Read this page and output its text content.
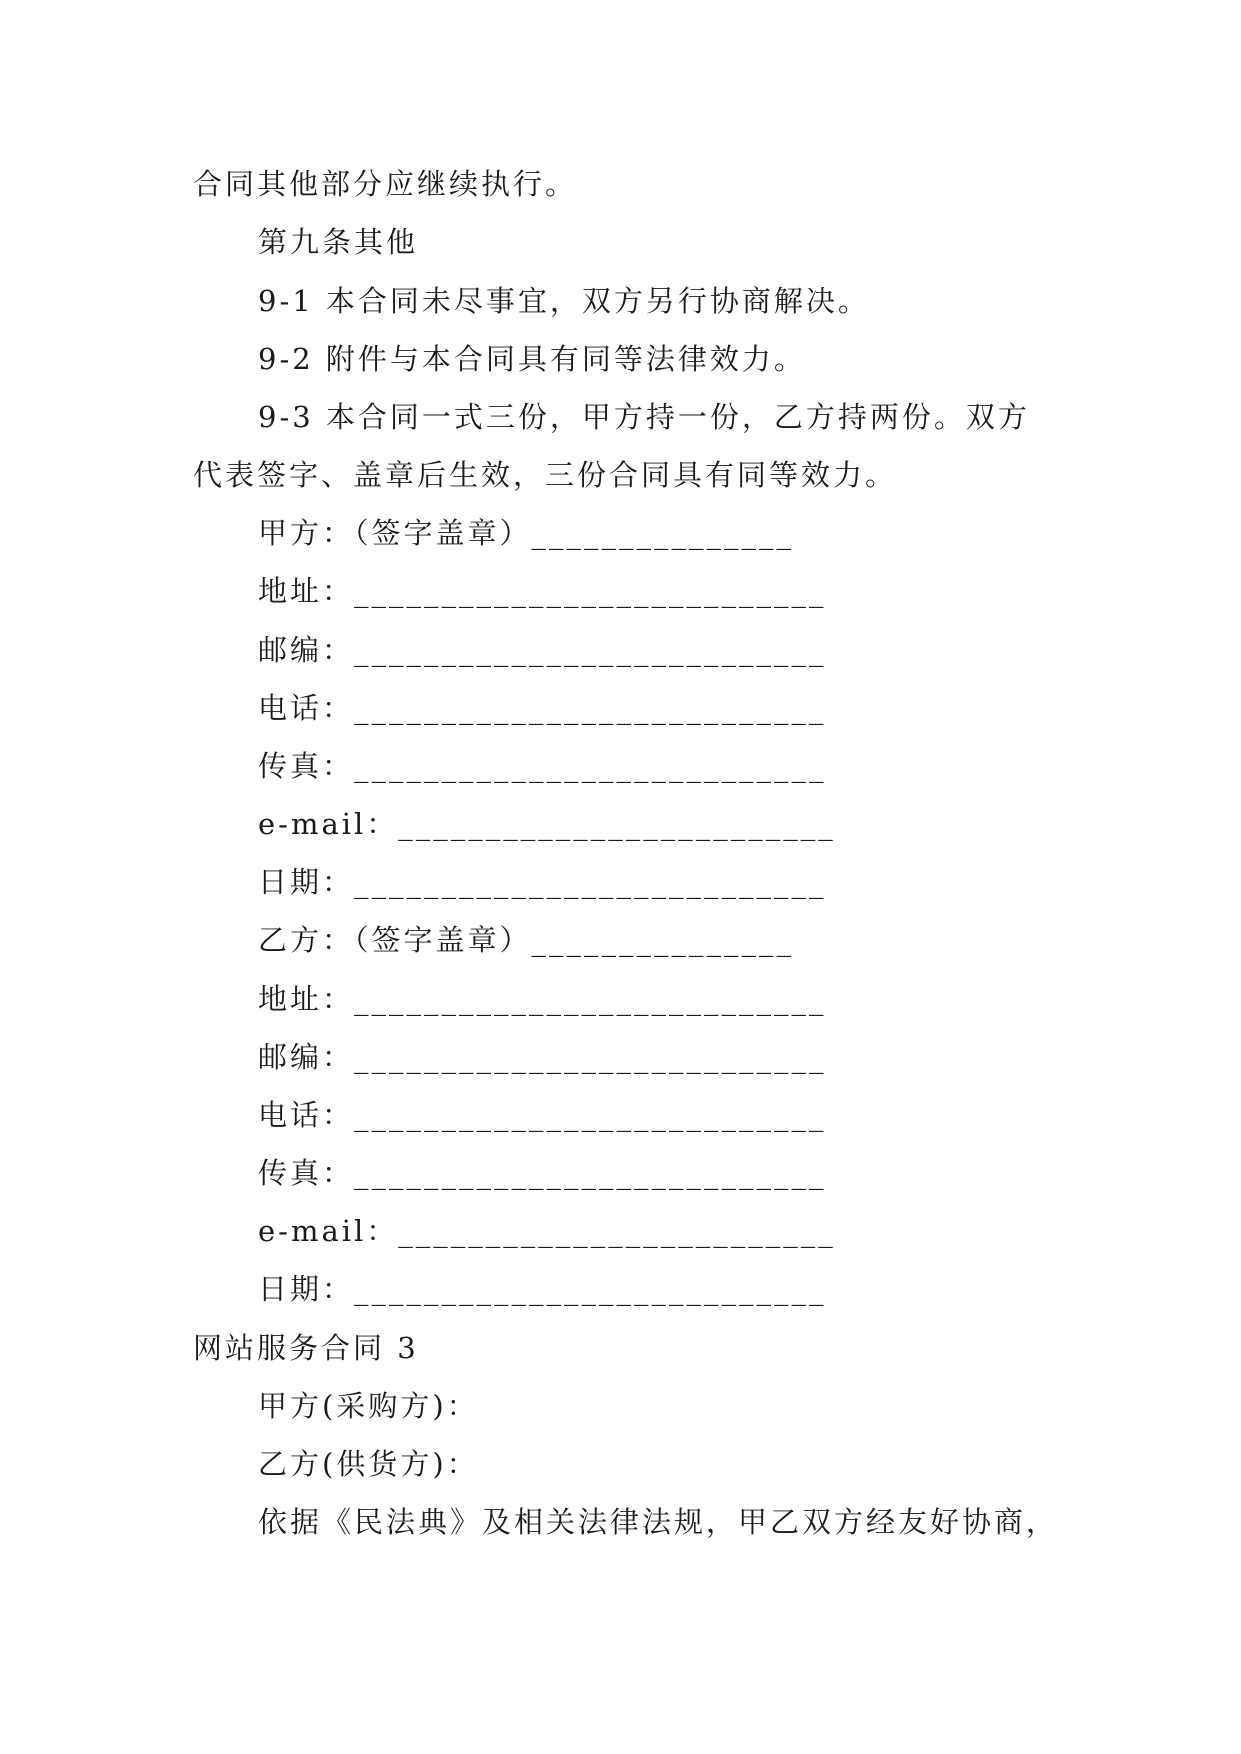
合同其他部分应继续执行。
第九条其他
9-1 本合同未尽事宜，双方另行协商解决。
9-2 附件与本合同具有同等法律效力。
9-3 本合同一式三份，甲方持一份，乙方持两份。双方
代表签字、盖章后生效，三份合同具有同等效力。
甲方：（签字盖章）_______________
地址：___________________________
邮编：___________________________
电话：___________________________
传真：___________________________
e-mail：_________________________
日期：___________________________
乙方：（签字盖章）_______________
地址：___________________________
邮编：___________________________
电话：___________________________
传真：___________________________
e-mail：_________________________
日期：___________________________
网站服务合同 3
甲方(采购方)：
乙方(供货方)：
依据《民法典》及相关法律法规，甲乙双方经友好协商，
